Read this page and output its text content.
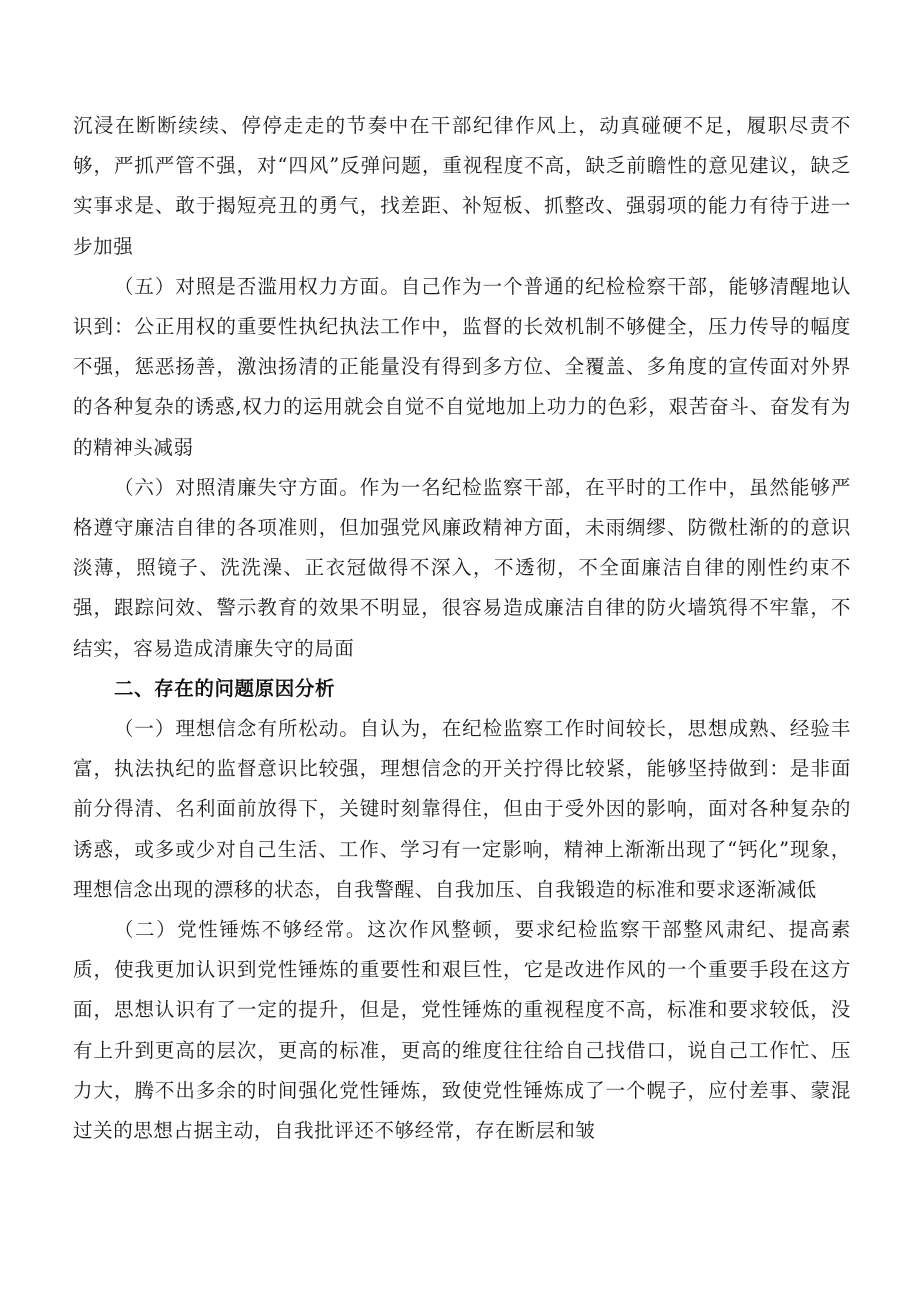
沉浸在断断续续、停停走走的节奏中在干部纪律作风上，动真碰硬不足，履职尽责不够，严抓严管不强，对“四风”反弹问题，重视程度不高，缺乏前瞻性的意见建议，缺乏实事求是、敢于揭短亮丑的勇气，找差距、补短板、抓整改、强弱项的能力有待于进一步加强

（五）对照是否滥用权力方面。自己作为一个普通的纪检检察干部，能够清醒地认识到：公正用权的重要性执纪执法工作中，监督的长效机制不够健全，压力传导的幅度不强，惩恶扬善，激浊扬清的正能量没有得到多方位、全覆盖、多角度的宣传面对外界的各种复杂的诱惑,权力的运用就会自觉不自觉地加上功力的色彩，艰苦奋斗、奋发有为的精神头减弱

（六）对照清廉失守方面。作为一名纪检监察干部，在平时的工作中，虽然能够严格遵守廉洁自律的各项准则，但加强党风廉政精神方面，未雨绸缪、防微杜渐的的意识淡薄，照镜子、洗洗澡、正衣冠做得不深入，不透彻，不全面廉洁自律的刚性约束不强，跟踪问效、警示教育的效果不明显，很容易造成廉洁自律的防火墙筑得不牢靠，不结实，容易造成清廉失守的局面

二、存在的问题原因分析

（一）理想信念有所松动。自认为，在纪检监察工作时间较长，思想成熟、经验丰富，执法执纪的监督意识比较强，理想信念的开关拧得比较紧，能够坚持做到：是非面前分得清、名利面前放得下，关键时刻靠得住，但由于受外因的影响，面对各种复杂的诱惑，或多或少对自己生活、工作、学习有一定影响，精神上渐渐出现了“钙化”现象，理想信念出现的漂移的状态，自我警醒、自我加压、自我锻造的标准和要求逐渐减低

（二）党性锤炼不够经常。这次作风整顿，要求纪检监察干部整风肃纪、提高素质，使我更加认识到党性锤炼的重要性和艰巨性，它是改进作风的一个重要手段在这方面，思想认识有了一定的提升，但是，党性锤炼的重视程度不高，标准和要求较低，没有上升到更高的层次，更高的标准，更高的维度往往给自己找借口，说自己工作忙、压力大，腾不出多余的时间强化党性锤炼，致使党性锤炼成了一个幌子，应付差事、蒙混过关的思想占据主动，自我批评还不够经常，存在断层和皱
